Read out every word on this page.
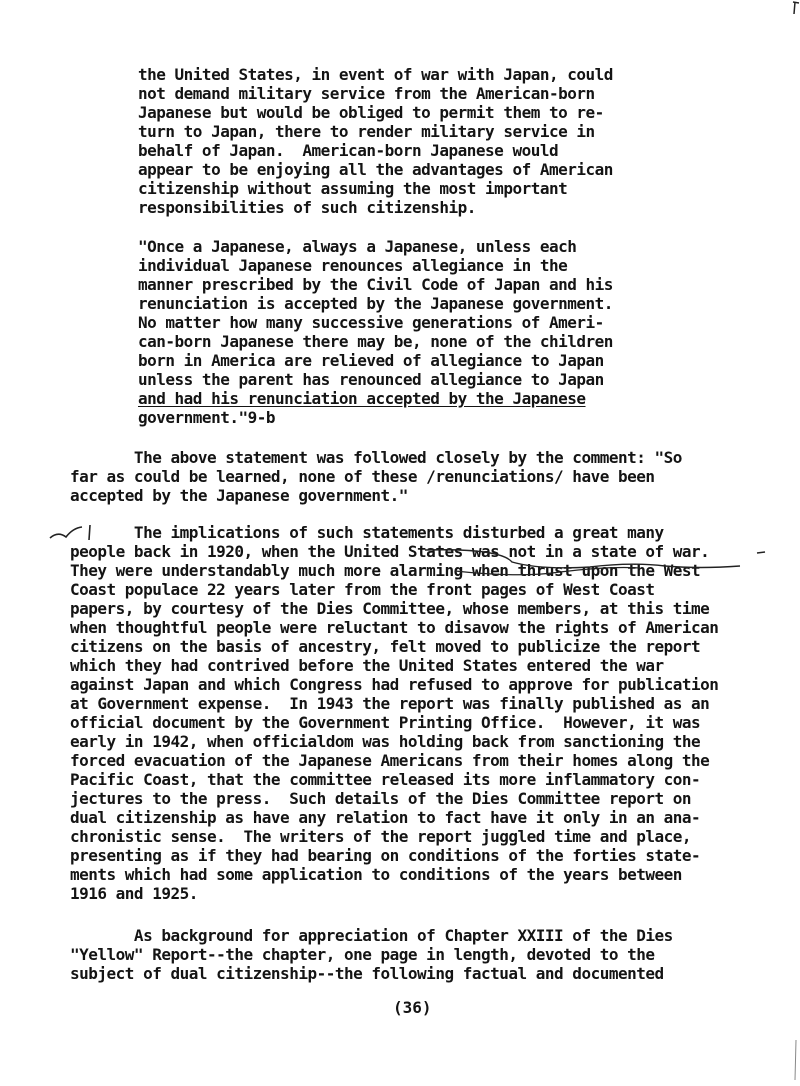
the United States, in event of war with Japan, could
not demand military service from the American-born
Japanese but would be obliged to permit them to re-
turn to Japan, there to render military service in
behalf of Japan.  American-born Japanese would
appear to be enjoying all the advantages of American
citizenship without assuming the most important
responsibilities of such citizenship.
"Once a Japanese, always a Japanese, unless each
individual Japanese renounces allegiance in the
manner prescribed by the Civil Code of Japan and his
renunciation is accepted by the Japanese government.
No matter how many successive generations of Ameri-
can-born Japanese there may be, none of the children
born in America are relieved of allegiance to Japan
unless the parent has renounced allegiance to Japan
and had his renunciation accepted by the Japanese
government."9-b
The above statement was followed closely by the comment: "So
far as could be learned, none of these /renunciations/ have been
accepted by the Japanese government."
The implications of such statements disturbed a great many
people back in 1920, when the United States was not in a state of war.
They were understandably much more alarming when thrust upon the West
Coast populace 22 years later from the front pages of West Coast
papers, by courtesy of the Dies Committee, whose members, at this time
when thoughtful people were reluctant to disavow the rights of American
citizens on the basis of ancestry, felt moved to publicize the report
which they had contrived before the United States entered the war
against Japan and which Congress had refused to approve for publication
at Government expense.  In 1943 the report was finally published as an
official document by the Government Printing Office.  However, it was
early in 1942, when officialdom was holding back from sanctioning the
forced evacuation of the Japanese Americans from their homes along the
Pacific Coast, that the committee released its more inflammatory con-
jectures to the press.  Such details of the Dies Committee report on
dual citizenship as have any relation to fact have it only in an ana-
chronistic sense.  The writers of the report juggled time and place,
presenting as if they had bearing on conditions of the forties state-
ments which had some application to conditions of the years between
1916 and 1925.
As background for appreciation of Chapter XXIII of the Dies
"Yellow" Report--the chapter, one page in length, devoted to the
subject of dual citizenship--the following factual and documented
(36)
